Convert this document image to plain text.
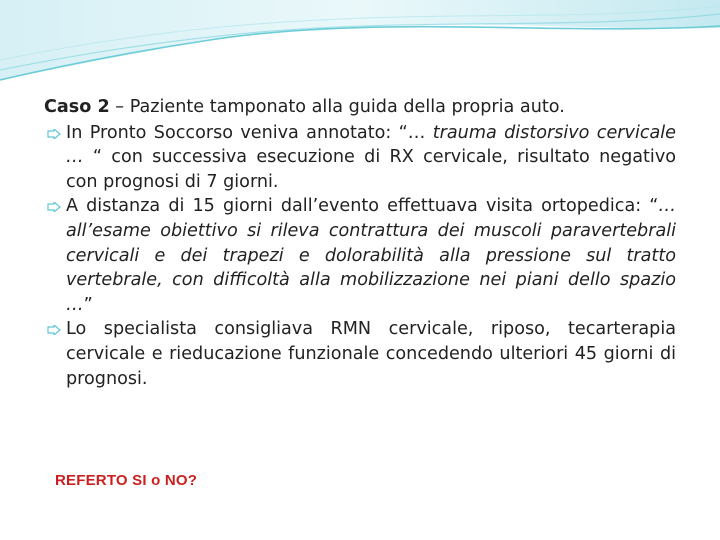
Caso 2 – Paziente tamponato alla guida della propria auto.

In Pronto Soccorso veniva annotato: “… trauma distorsivo cervicale … “ con successiva esecuzione di RX cervicale, risultato negativo con prognosi di 7 giorni.
A distanza di 15 giorni dall’evento effettuava visita ortopedica: “… all’esame obiettivo si rileva contrattura dei muscoli paravertebrali cervicali e dei trapezi e dolorabilità alla pressione sul tratto vertebrale, con difficoltà alla mobilizzazione nei piani dello spazio …”
Lo specialista consigliava RMN cervicale, riposo, tecarterapia cervicale e rieducazione funzionale concedendo ulteriori 45 giorni di prognosi.
REFERTO SI o NO?
